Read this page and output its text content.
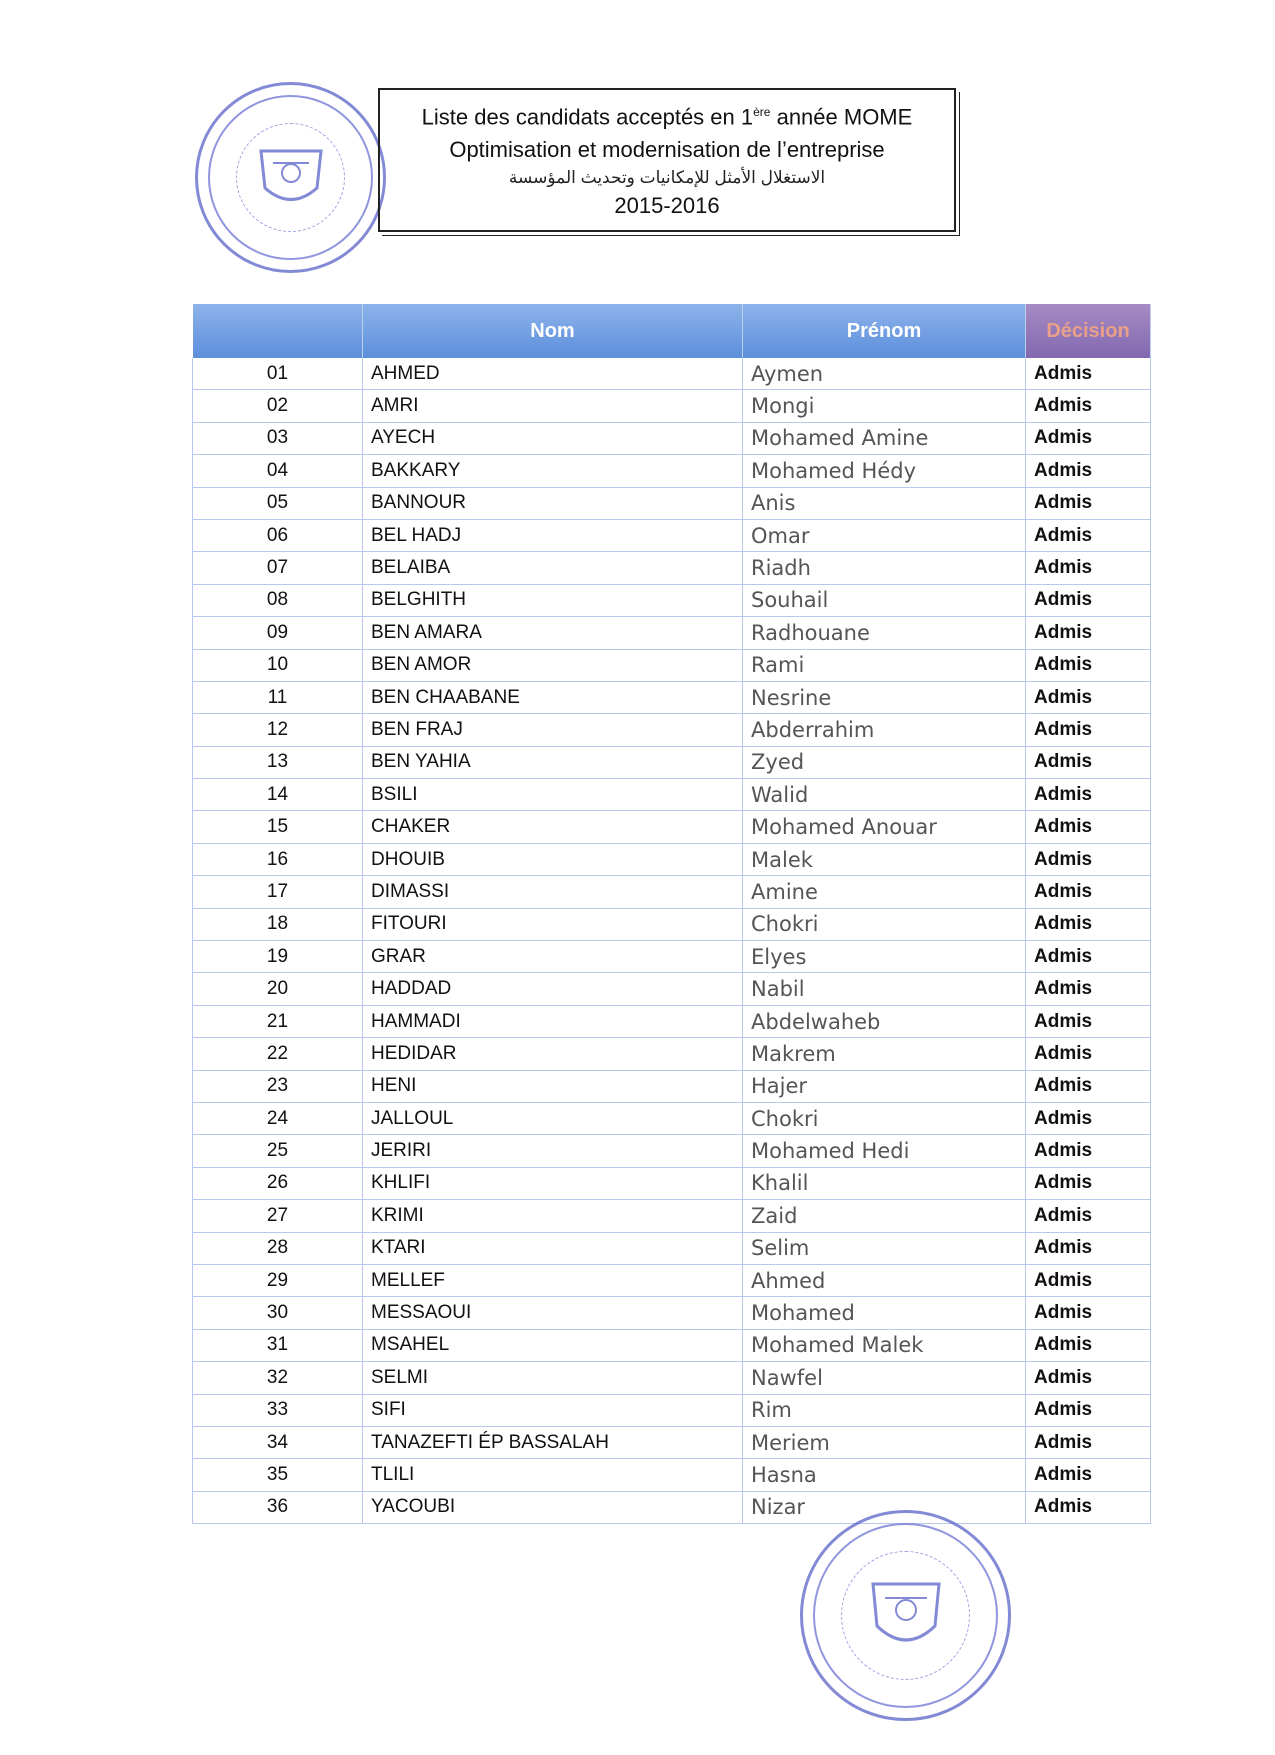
Liste des candidats acceptés en 1ère année MOME
Optimisation et modernisation de l’entreprise
الاستغلال الأمثل للإمكانيات وتحديث المؤسسة
2015-2016
	Nom	Prénom	Décision
01	AHMED	Aymen	Admis
02	AMRI	Mongi	Admis
03	AYECH	Mohamed Amine	Admis
04	BAKKARY	Mohamed Hédy	Admis
05	BANNOUR	Anis	Admis
06	BEL HADJ	Omar	Admis
07	BELAIBA	Riadh	Admis
08	BELGHITH	Souhail	Admis
09	BEN AMARA	Radhouane	Admis
10	BEN AMOR	Rami	Admis
11	BEN CHAABANE	Nesrine	Admis
12	BEN FRAJ	Abderrahim	Admis
13	BEN YAHIA	Zyed	Admis
14	BSILI	Walid	Admis
15	CHAKER	Mohamed Anouar	Admis
16	DHOUIB	Malek	Admis
17	DIMASSI	Amine	Admis
18	FITOURI	Chokri	Admis
19	GRAR	Elyes	Admis
20	HADDAD	Nabil	Admis
21	HAMMADI	Abdelwaheb	Admis
22	HEDIDAR	Makrem	Admis
23	HENI	Hajer	Admis
24	JALLOUL	Chokri	Admis
25	JERIRI	Mohamed Hedi	Admis
26	KHLIFI	Khalil	Admis
27	KRIMI	Zaid	Admis
28	KTARI	Selim	Admis
29	MELLEF	Ahmed	Admis
30	MESSAOUI	Mohamed	Admis
31	MSAHEL	Mohamed Malek	Admis
32	SELMI	Nawfel	Admis
33	SIFI	Rim	Admis
34	TANAZEFTI ÉP BASSALAH	Meriem	Admis
35	TLILI	Hasna	Admis
36	YACOUBI	Nizar	Admis
